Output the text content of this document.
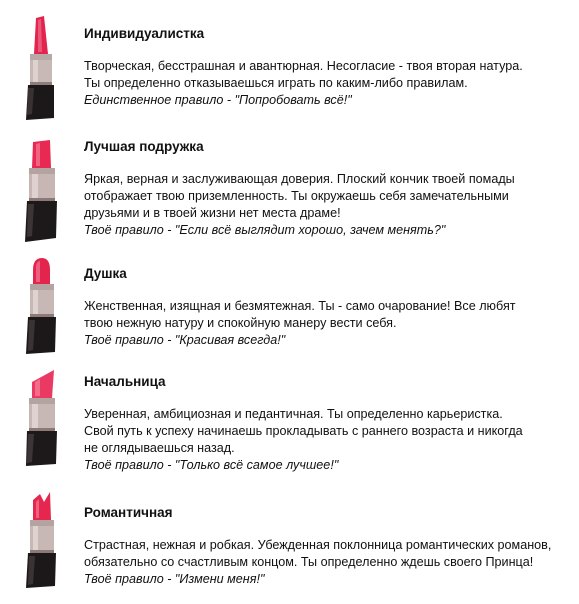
Индивидуалистка
Творческая, бесстрашная и авантюрная. Несогласие - твоя вторая натура.
Ты определенно отказываешься играть по каким-либо правилам.
Единственное правило - "Попробовать всё!"
Лучшая подружка
Яркая, верная и заслуживающая доверия. Плоский кончик твоей помады
отображает твою приземленность. Ты окружаешь себя замечательными
друзьями и в твоей жизни нет места драме!
Твоё правило - "Если всё выглядит хорошо, зачем менять?"
Душка
Женственная, изящная и безмятежная. Ты - само очарование! Все любят
твою нежную натуру и спокойную манеру вести себя.
Твоё правило - "Красивая всегда!"
Начальница
Уверенная, амбициозная и педантичная. Ты определенно карьеристка.
Свой путь к успеху начинаешь прокладывать с раннего возраста и никогда
не оглядываешься назад.
Твоё правило - "Только всё самое лучшее!"
Романтичная
Страстная, нежная и робкая. Убежденная поклонница романтических романов,
обязательно со счастливым концом. Ты определенно ждешь своего Принца!
Твоё правило - "Измени меня!"
